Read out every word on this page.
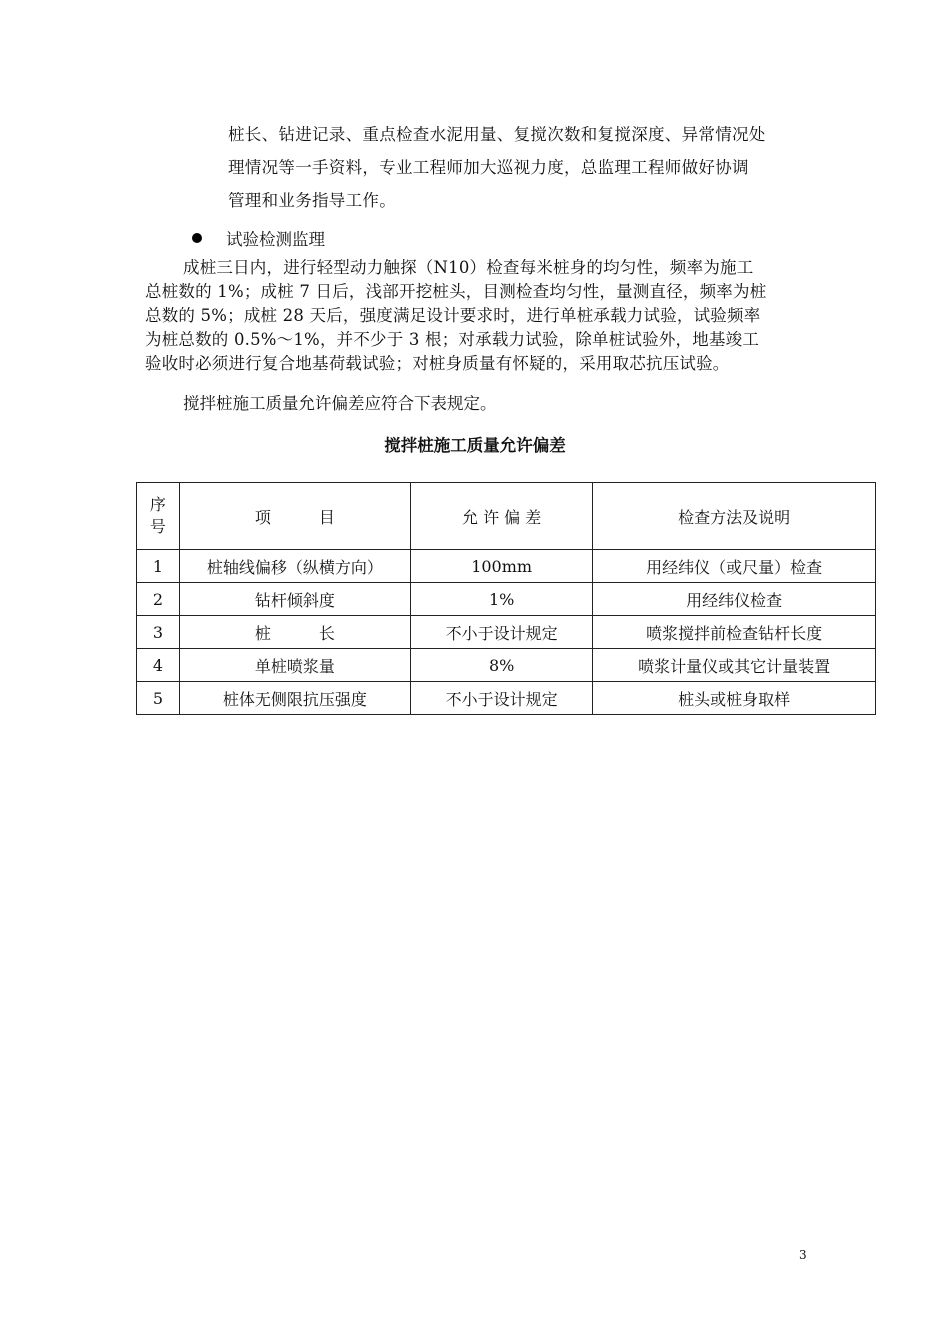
桩长、钻进记录、重点检查水泥用量、复搅次数和复搅深度、异常情况处

理情况等一手资料，专业工程师加大巡视力度，总监理工程师做好协调

管理和业务指导工作。

试验检测监理

成桩三日内，进行轻型动力触探（N10）检查每米桩身的均匀性，频率为施工

总桩数的 1%；成桩 7 日后，浅部开挖桩头，目测检查均匀性，量测直径，频率为桩

总数的 5%；成桩 28 天后，强度满足设计要求时，进行单桩承载力试验，试验频率

为桩总数的 0.5%～1%，并不少于 3 根；对承载力试验，除单桩试验外，地基竣工

验收时必须进行复合地基荷载试验；对桩身质量有怀疑的，采用取芯抗压试验。

搅拌桩施工质量允许偏差应符合下表规定。
搅拌桩施工质量允许偏差
序
号	项　　　目	允 许 偏 差	检查方法及说明
1	桩轴线偏移（纵横方向）	100mm	用经纬仪（或尺量）检查
2	钻杆倾斜度	1%	用经纬仪检查
3	桩　　　长	不小于设计规定	喷浆搅拌前检查钻杆长度
4	单桩喷浆量	8%	喷浆计量仪或其它计量装置
5	桩体无侧限抗压强度	不小于设计规定	桩头或桩身取样
3
